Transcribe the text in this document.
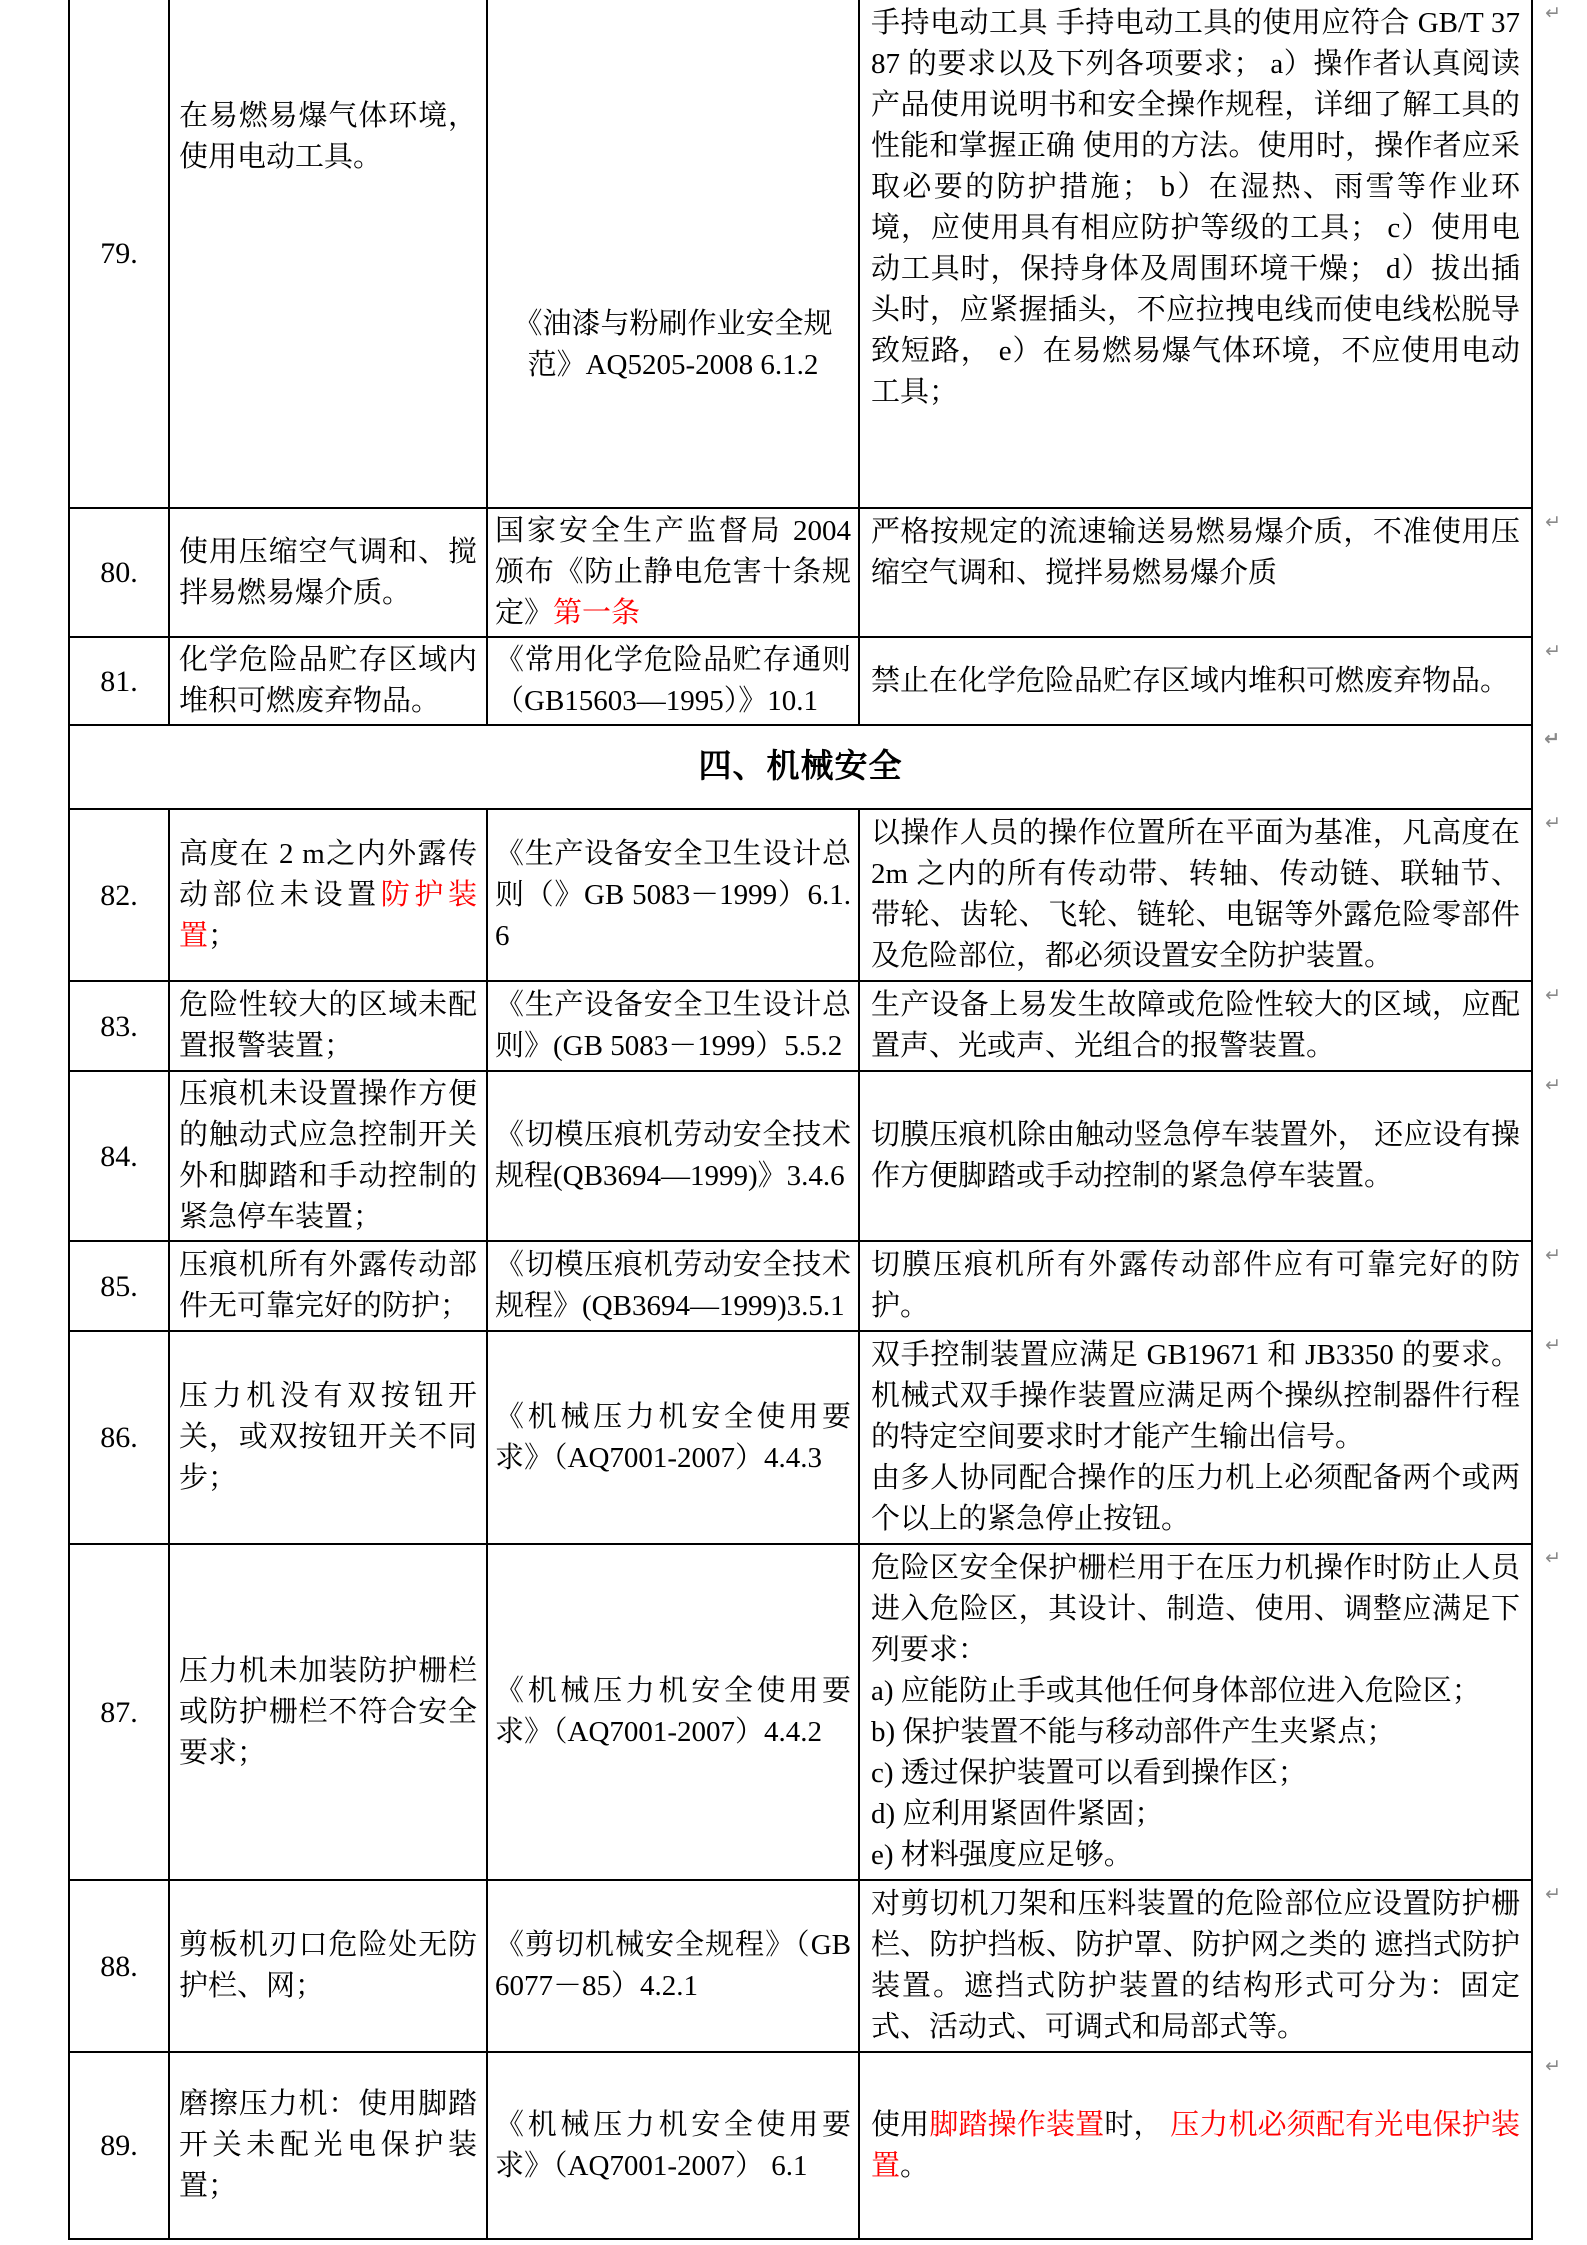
79.	在易燃易爆气体环境，使用电动工具。	《油漆与粉刷作业安全规范》AQ5205-2008 6.1.2	手持电动工具 手持电动工具的使用应符合 GB/T 3787 的要求以及下列各项要求； a）操作者认真阅读产品使用说明书和安全操作规程，详细了解工具的性能和掌握正确 使用的方法。使用时，操作者应采取必要的防护措施； b）在湿热、雨雪等作业环境，应使用具有相应防护等级的工具； c）使用电动工具时，保持身体及周围环境干燥； d）拔出插头时，应紧握插头，不应拉拽电线而使电线松脱导致短路， e）在易燃易爆气体环境，不应使用电动工具；
↵

80.	使用压缩空气调和、搅拌易燃易爆介质。	国家安全生产监督局 2004 颁布《防止静电危害十条规定》第一条	严格按规定的流速输送易燃易爆介质，不准使用压缩空气调和、搅拌易燃易爆介质
↵

81.	化学危险品贮存区域内堆积可燃废弃物品。	《常用化学危险品贮存通则（GB15603—1995）》10.1	禁止在化学危险品贮存区域内堆积可燃废弃物品。
↵

四、机械安全
↵			

82.	高度在 2 m之内外露传动部位未设置防护装置；	《生产设备安全卫生设计总则（》GB 5083－1999）6.1.6	以操作人员的操作位置所在平面为基准，凡高度在 2m 之内的所有传动带、转轴、传动链、联轴节、带轮、齿轮、飞轮、链轮、电锯等外露危险零部件及危险部位，都必须设置安全防护装置。
↵

83.	危险性较大的区域未配置报警装置；	《生产设备安全卫生设计总则》(GB 5083－1999）5.5.2	生产设备上易发生故障或危险性较大的区域，应配置声、光或声、光组合的报警装置。
↵

84.	压痕机未设置操作方便的触动式应急控制开关外和脚踏和手动控制的紧急停车装置；	《切模压痕机劳动安全技术规程(QB3694—1999)》3.4.6	切膜压痕机除由触动竖急停车装置外， 还应设有操作方便脚踏或手动控制的紧急停车装置。
↵

85.	压痕机所有外露传动部件无可靠完好的防护；	《切模压痕机劳动安全技术规程》(QB3694—1999)3.5.1	切膜压痕机所有外露传动部件应有可靠完好的防护。
↵

86.	压力机没有双按钮开关，或双按钮开关不同步；	《机械压力机安全使用要求》（AQ7001-2007）4.4.3	双手控制装置应满足 GB19671 和 JB3350 的要求。机械式双手操作装置应满足两个操纵控制器件行程的特定空间要求时才能产生输出信号。
由多人协同配合操作的压力机上必须配备两个或两个以上的紧急停止按钮。
↵

87.	压力机未加装防护栅栏或防护栅栏不符合安全要求；	《机械压力机安全使用要求》（AQ7001-2007）4.4.2	
危险区安全保护栅栏用于在压力机操作时防止人员进入危险区，其设计、制造、使用、调整应满足下列要求：
a) 应能防止手或其他任何身体部位进入危险区；
b) 保护装置不能与移动部件产生夹紧点；
c) 透过保护装置可以看到操作区；
d) 应利用紧固件紧固；
e) 材料强度应足够。
↵

88.	剪板机刃口危险处无防护栏、网；	《剪切机械安全规程》（GB6077－85）4.2.1	对剪切机刀架和压料装置的危险部位应设置防护栅栏、防护挡板、防护罩、防护网之类的 遮挡式防护装置。遮挡式防护装置的结构形式可分为：固定式、活动式、可调式和局部式等。
↵

89.	磨擦压力机：使用脚踏开关未配光电保护装置；	《机械压力机安全使用要求》（AQ7001-2007） 6.1	使用脚踏操作装置时， 压力机必须配有光电保护装置。
↵
